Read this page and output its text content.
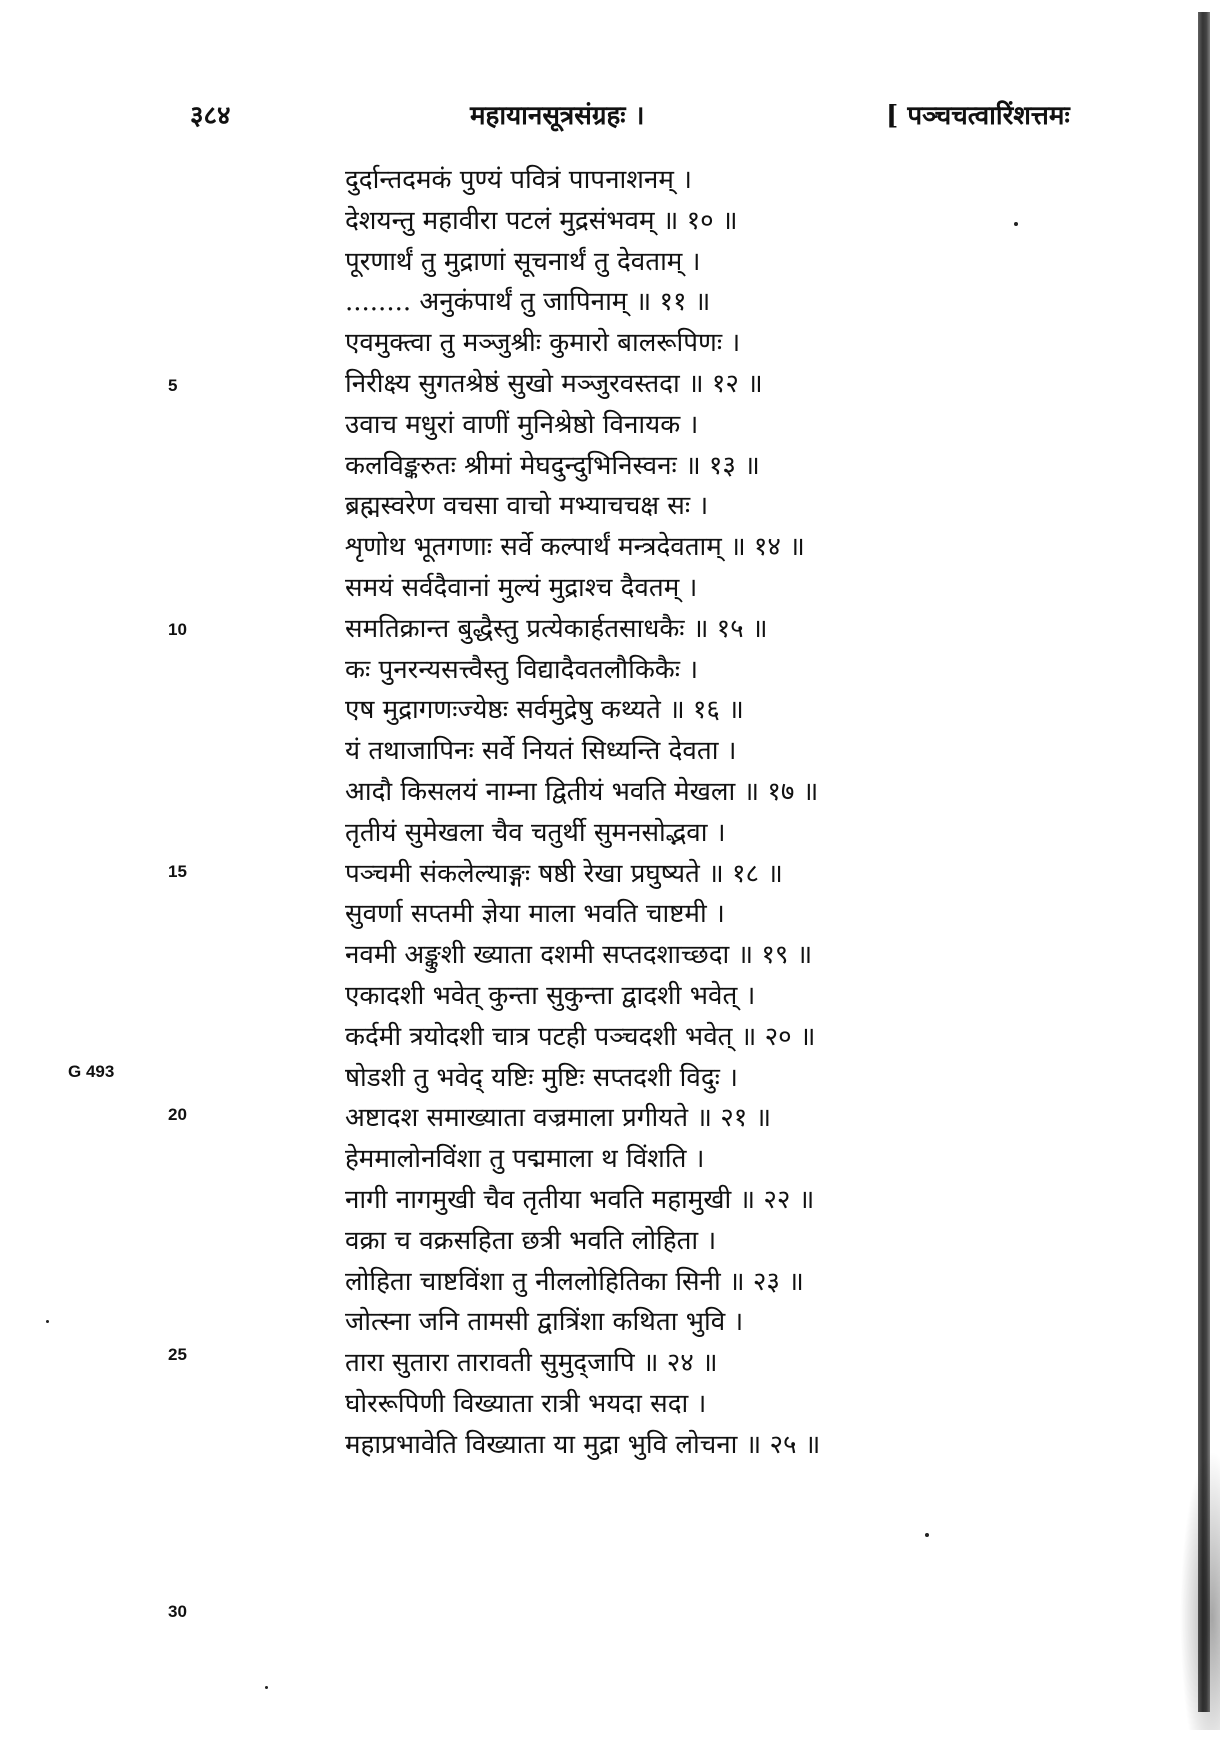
३८४	महायानसूत्रसंग्रहः ।	[ पञ्चचत्वारिंशत्तमः
5
10
15
G 493
20
25
30
दुर्दान्तदमकं पुण्यं पवित्रं पापनाशनम् ।
देशयन्तु महावीरा पटलं मुद्रसंभवम् ॥ १० ॥
पूरणार्थं तु मुद्राणां सूचनार्थं तु देवताम् ।
........ अनुकंपार्थं तु जापिनाम् ॥ ११ ॥
एवमुक्त्वा तु मञ्जुश्रीः कुमारो बालरूपिणः ।
निरीक्ष्य सुगतश्रेष्ठं सुखो मञ्जुरवस्तदा ॥ १२ ॥
उवाच मधुरां वाणीं मुनिश्रेष्ठो विनायक ।
कलविङ्करुतः श्रीमां मेघदुन्दुभिनिस्वनः ॥ १३ ॥
ब्रह्मस्वरेण वचसा वाचो मभ्याचचक्ष सः ।
शृणोथ भूतगणाः सर्वे कल्पार्थं मन्त्रदेवताम् ॥ १४ ॥
समयं सर्वदैवानां मुल्यं मुद्राश्च दैवतम् ।
समतिक्रान्त बुद्धैस्तु प्रत्येकार्हतसाधकैः ॥ १५ ॥
कः पुनरन्यसत्त्वैस्तु विद्यादैवतलौकिकैः ।
एष मुद्रागणःज्येष्ठः सर्वमुद्रेषु कथ्यते ॥ १६ ॥
यं तथाजापिनः सर्वे नियतं सिध्यन्ति देवता ।
आदौ किसलयं नाम्ना द्वितीयं भवति मेखला ॥ १७ ॥
तृतीयं सुमेखला चैव चतुर्थी सुमनसोद्भवा ।
पञ्चमी संकलेल्याङ्गः षष्ठी रेखा प्रघुष्यते ॥ १८ ॥
सुवर्णा सप्तमी ज्ञेया माला भवति चाष्टमी ।
नवमी अङ्कुशी ख्याता दशमी सप्तदशाच्छदा ॥ १९ ॥
एकादशी भवेत् कुन्ता सुकुन्ता द्वादशी भवेत् ।
कर्दमी त्रयोदशी चात्र पटही पञ्चदशी भवेत् ॥ २० ॥
षोडशी तु भवेद् यष्टिः मुष्टिः सप्तदशी विदुः ।
अष्टादश समाख्याता वज्रमाला प्रगीयते ॥ २१ ॥
हेममालोनविंशा तु पद्ममाला थ विंशति ।
नागी नागमुखी चैव तृतीया भवति महामुखी ॥ २२ ॥
वक्रा च वक्रसहिता छत्री भवति लोहिता ।
लोहिता चाष्टविंशा तु नीललोहितिका सिनी ॥ २३ ॥
जोत्स्ना जनि तामसी द्वात्रिंशा कथिता भुवि ।
तारा सुतारा तारावती सुमुद्जापि ॥ २४ ॥
घोररूपिणी विख्याता रात्री भयदा सदा ।
महाप्रभावेति विख्याता या मुद्रा भुवि लोचना ॥ २५ ॥
